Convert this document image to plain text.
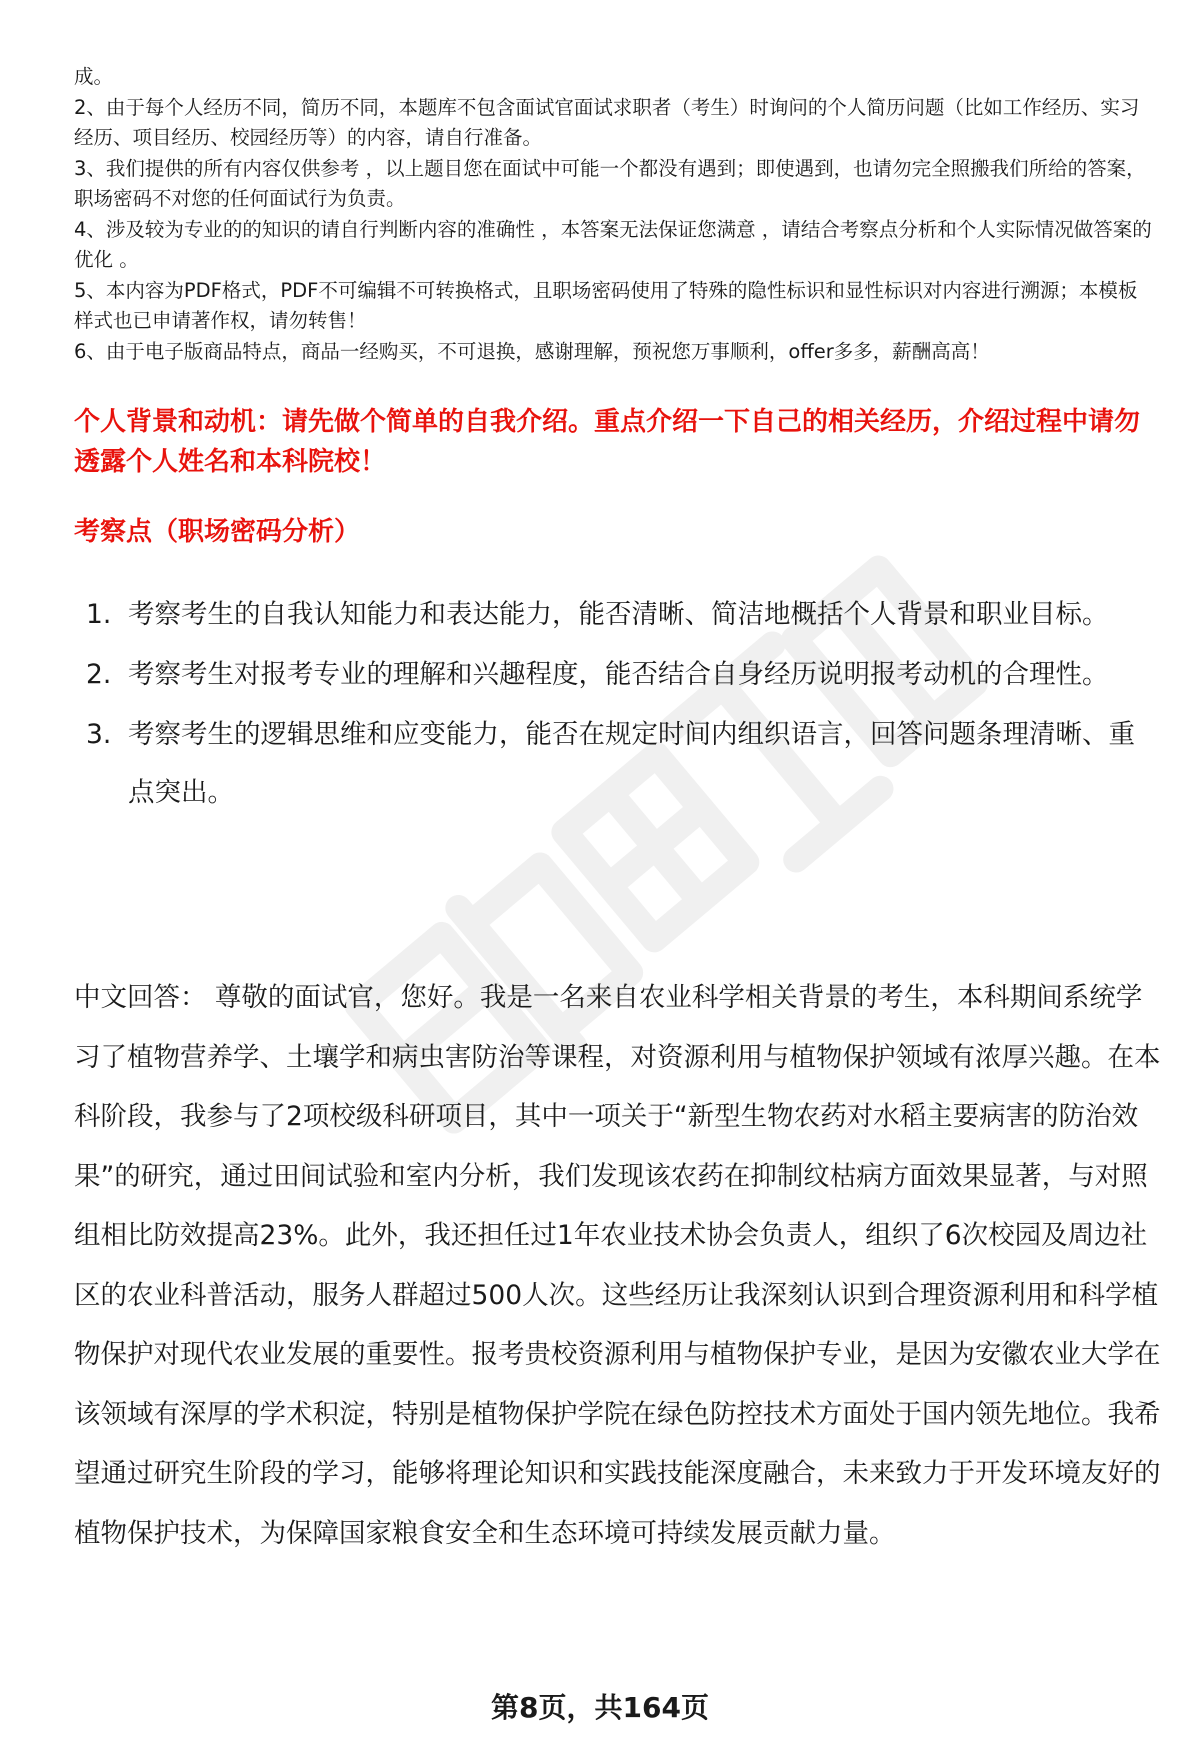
成。

2、由于每个人经历不同，简历不同，本题库不包含面试官面试求职者（考生）时询问的个人简历问题（比如工作经历、实习经历、项目经历、校园经历等）的内容，请自行准备。

3、我们提供的所有内容仅供参考 ，以上题目您在面试中可能一个都没有遇到；即使遇到，也请勿完全照搬我们所给的答案，职场密码不对您的任何面试行为负责。

4、涉及较为专业的的知识的请自行判断内容的准确性 ，本答案无法保证您满意 ，请结合考察点分析和个人实际情况做答案的优化 。

5、本内容为PDF格式，PDF不可编辑不可转换格式，且职场密码使用了特殊的隐性标识和显性标识对内容进行溯源；本模板样式也已申请著作权，请勿转售！

6、由于电子版商品特点，商品一经购买，不可退换，感谢理解，预祝您万事顺利，offer多多，薪酬高高！

个人背景和动机：请先做个简单的自我介绍。重点介绍一下自己的相关经历，介绍过程中请勿透露个人姓名和本科院校！
考察点（职场密码分析）
1. 考察考生的自我认知能力和表达能力，能否清晰、简洁地概括个人背景和职业目标。
2. 考察考生对报考专业的理解和兴趣程度，能否结合自身经历说明报考动机的合理性。
3. 考察考生的逻辑思维和应变能力，能否在规定时间内组织语言，回答问题条理清晰、重点突出。

中文回答： 尊敬的面试官，您好。我是一名来自农业科学相关背景的考生，本科期间系统学习了植物营养学、土壤学和病虫害防治等课程，对资源利用与植物保护领域有浓厚兴趣。在本科阶段，我参与了2项校级科研项目，其中一项关于“新型生物农药对水稻主要病害的防治效果”的研究，通过田间试验和室内分析，我们发现该农药在抑制纹枯病方面效果显著，与对照组相比防效提高23%。此外，我还担任过1年农业技术协会负责人，组织了6次校园及周边社区的农业科普活动，服务人群超过500人次。这些经历让我深刻认识到合理资源利用和科学植物保护对现代农业发展的重要性。报考贵校资源利用与植物保护专业，是因为安徽农业大学在该领域有深厚的学术积淀，特别是植物保护学院在绿色防控技术方面处于国内领先地位。我希望通过研究生阶段的学习，能够将理论知识和实践技能深度融合，未来致力于开发环境友好的植物保护技术，为保障国家粮食安全和生态环境可持续发展贡献力量。

第8页，共164页
